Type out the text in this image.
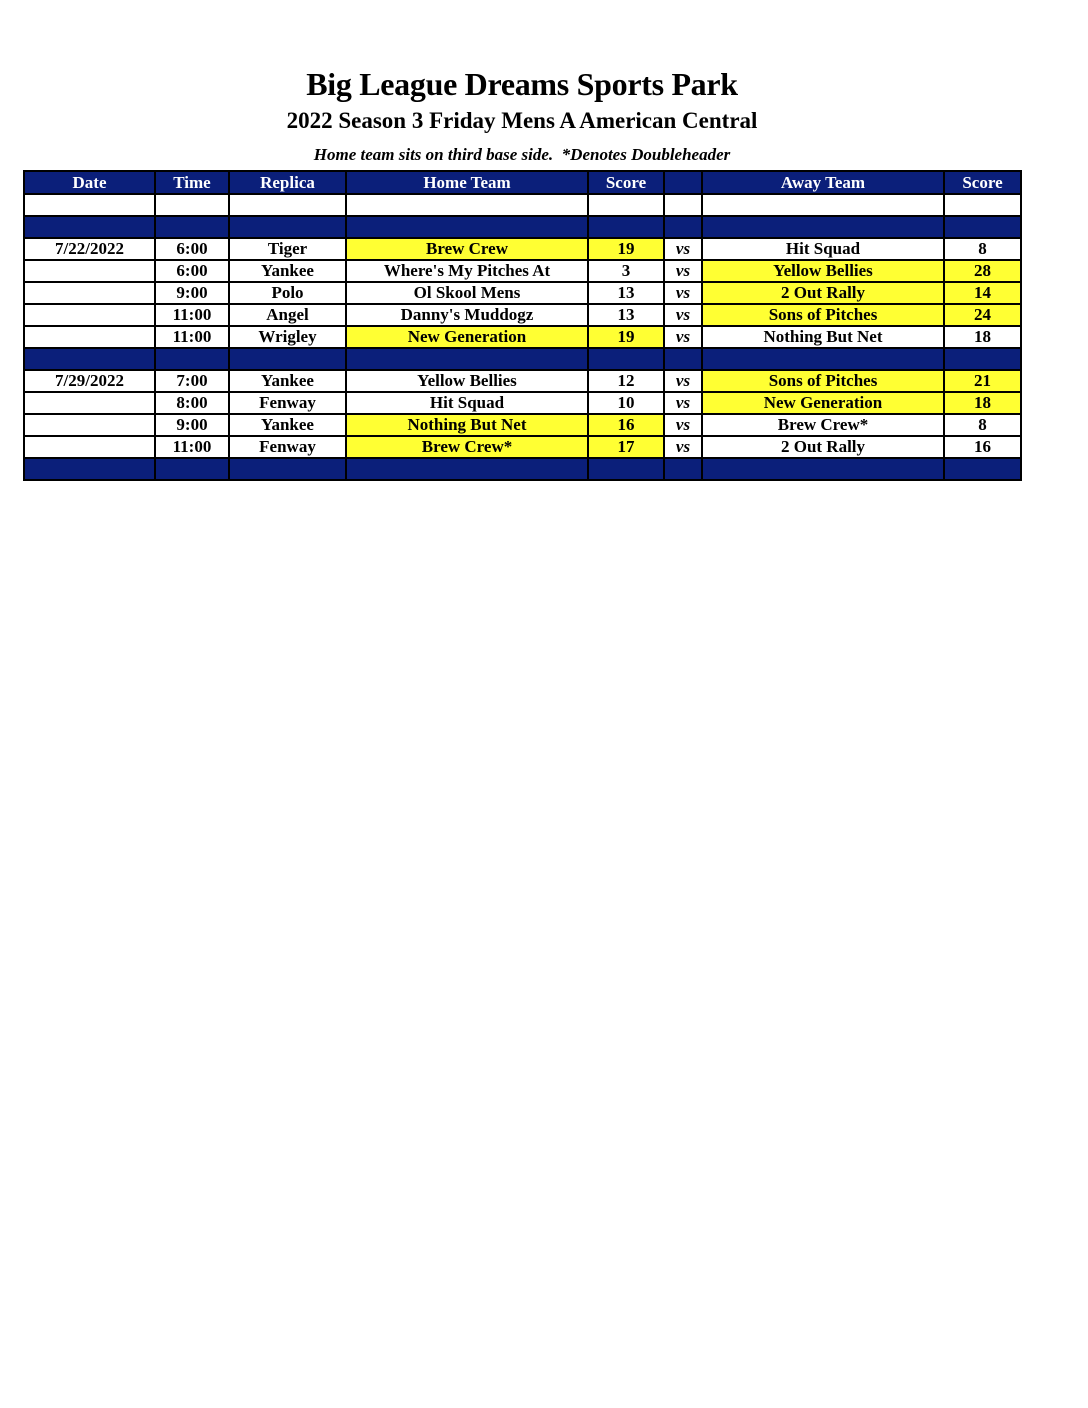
Big League Dreams Sports Park
2022 Season 3 Friday Mens A American Central
Home team sits on third base side.  *Denotes Doubleheader
Date	Time	Replica	Home Team	Score		Away Team	Score

7/22/2022	6:00	Tiger	Brew Crew	19	vs	Hit Squad	8
	6:00	Yankee	Where's My Pitches At	3	vs	Yellow Bellies	28
	9:00	Polo	Ol Skool Mens	13	vs	2 Out Rally	14
	11:00	Angel	Danny's Muddogz	13	vs	Sons of Pitches	24
	11:00	Wrigley	New Generation	19	vs	Nothing But Net	18

7/29/2022	7:00	Yankee	Yellow Bellies	12	vs	Sons of Pitches	21
	8:00	Fenway	Hit Squad	10	vs	New Generation	18
	9:00	Yankee	Nothing But Net	16	vs	Brew Crew*	8
	11:00	Fenway	Brew Crew*	17	vs	2 Out Rally	16
